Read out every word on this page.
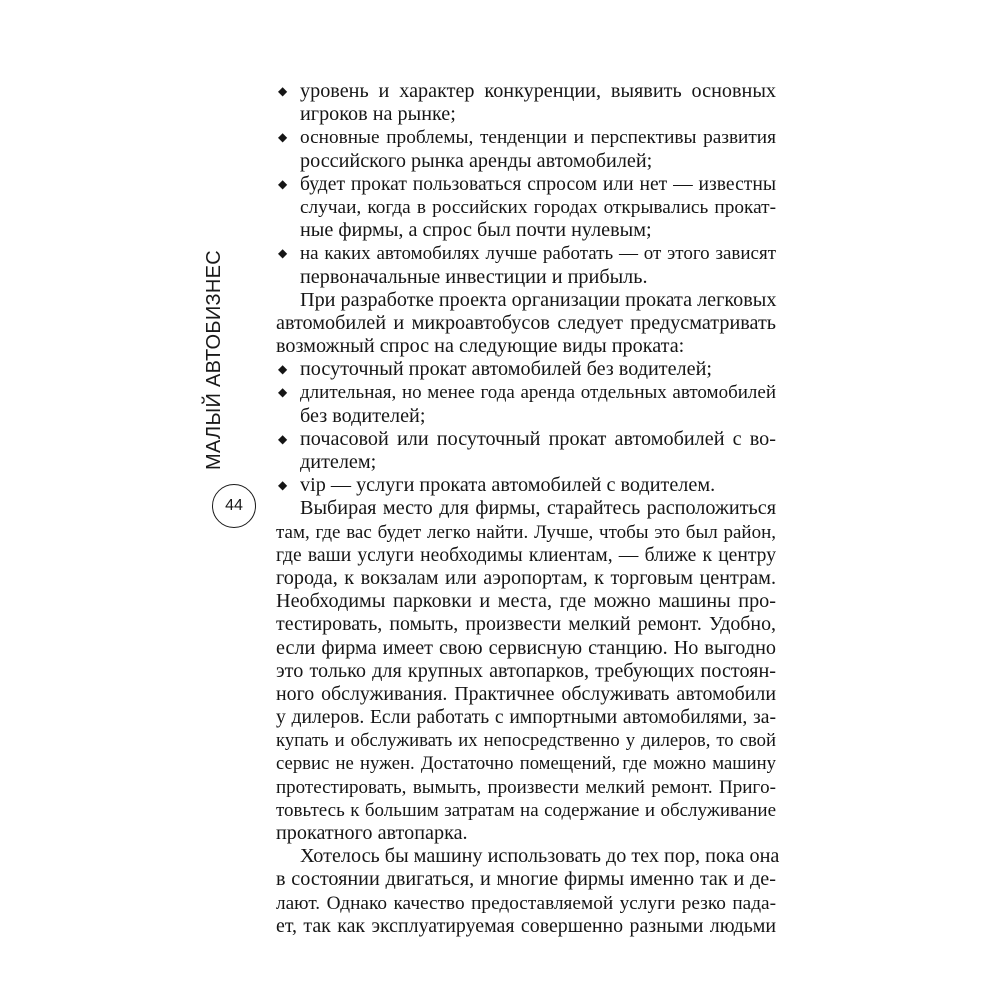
МАЛЫЙ АВТОБИЗНЕС
44
◆ уровень и характер конкуренции, выявить основных
игроков на рынке;
◆ основные проблемы, тенденции и перспективы развития
российского рынка аренды автомобилей;
◆ будет прокат пользоваться спросом или нет — известны
случаи, когда в российских городах открывались прокат-
ные фирмы, а спрос был почти нулевым;
◆ на каких автомобилях лучше работать — от этого зависят
первоначальные инвестиции и прибыль.
При разработке проекта организации проката легковых
автомобилей и микроавтобусов следует предусматривать
возможный спрос на следующие виды проката:
◆ посуточный прокат автомобилей без водителей;
◆ длительная, но менее года аренда отдельных автомобилей
без водителей;
◆ почасовой или посуточный прокат автомобилей с во-
дителем;
◆ vip — услуги проката автомобилей с водителем.
Выбирая место для фирмы, старайтесь расположиться
там, где вас будет легко найти. Лучше, чтобы это был район,
где ваши услуги необходимы клиентам, — ближе к центру
города, к вокзалам или аэропортам, к торговым центрам.
Необходимы парковки и места, где можно машины про-
тестировать, помыть, произвести мелкий ремонт. Удобно,
если фирма имеет свою сервисную станцию. Но выгодно
это только для крупных автопарков, требующих постоян-
ного обслуживания. Практичнее обслуживать автомобили
у дилеров. Если работать с импортными автомобилями, за-
купать и обслуживать их непосредственно у дилеров, то свой
сервис не нужен. Достаточно помещений, где можно машину
протестировать, вымыть, произвести мелкий ремонт. Пригo-
товьтесь к большим затратам на содержание и обслуживание
прокатного автопарка.
Хотелось бы машину использовать до тех пор, пока она
в состоянии двигаться, и многие фирмы именно так и де-
лают. Однако качество предоставляемой услуги резко пада-
ет, так как эксплуатируемая совершенно разными людьми
